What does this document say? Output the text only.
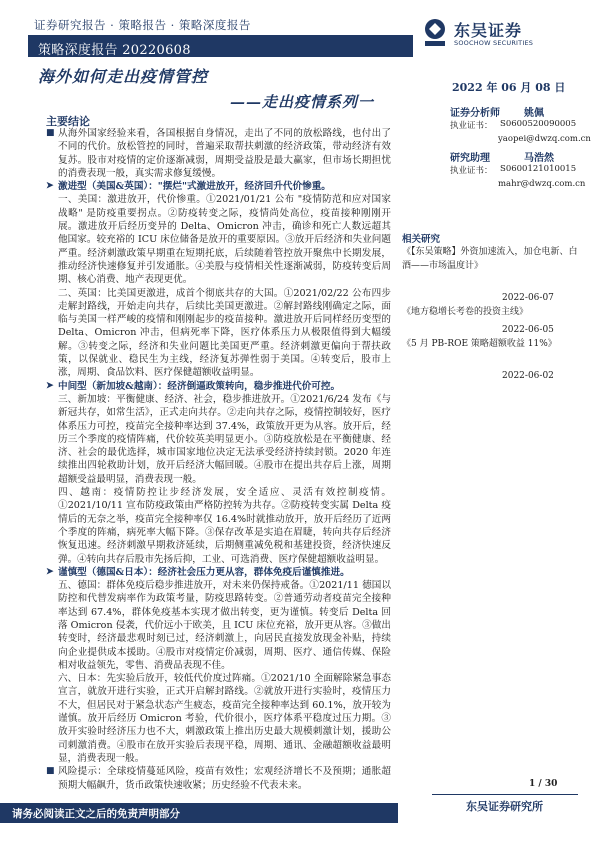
证券研究报告 · 策略报告 · 策略深度报告
策略深度报告 20220608
东吴证券
SOOCHOW SECURITIES
海外如何走出疫情管控
——走出疫情系列一
2022 年 06 月 08 日
主要结论

■ 从海外国家经验来看，各国根据自身情况，走出了不同的放松路线，也付出了不同的代价。放松管控的同时，普遍采取帮扶刺激的经济政策，带动经济有效复苏。股市对疫情的定价逐渐减弱，周期受益股是最大赢家，但市场长期担忧的消费表现一般，真实需求修复缓慢。

➤ 激进型（美国&英国）："摆烂"式激进放开，经济回升代价惨重。

一、美国：激进放开，代价惨重。①2021/01/21 公布 "疫情防范和应对国家战略" 是防疫重要拐点。②防疫转变之际，疫情尚处高位，疫苗接种刚刚开展。激进放开后经历变异的 Delta、Omicron 冲击，确诊和死亡人数远超其他国家。较充裕的 ICU 床位储备是放开的重要原因。③放开后经济和失业问题严重。经济刺激政策早期重在短期托底，后续随着管控放开聚焦中长期发展，推动经济快速修复并引发通胀。④美股与疫情相关性逐渐减弱，防疫转变后周期、核心消费、地产表现更优。

二、英国：比美国更激进，成首个彻底共存的大国。①2021/02/22 公布四步走解封路线，开始走向共存，后续比美国更激进。②解封路线刚确定之际，面临与美国一样严峻的疫情和刚刚起步的疫苗接种。激进放开后同样经历变型的 Delta、Omicron 冲击，但病死率下降，医疗体系压力从极限值得到大幅缓解。③转变之际，经济和失业问题比美国更严重。经济刺激更偏向于帮扶政策，以保就业、稳民生为主线，经济复苏弹性弱于美国。④转变后，股市上涨，周期、食品饮料、医疗保健超额收益明显。

➤ 中间型（新加坡&越南）：经济倒逼政策转向，稳步推进代价可控。

三、新加坡：平衡健康、经济、社会，稳步推进放开。①2021/6/24 发布《与新冠共存，如常生活》，正式走向共存。②走向共存之际，疫情控制较好，医疗体系压力可控，疫苗完全接种率达到 37.4%，政策放开更为从容。放开后，经历三个季度的疫情阵痛，代价较英美明显更小。③防疫放松是在平衡健康、经济、社会的最优选择，城市国家地位决定无法承受经济持续封锁。2020 年连续推出四轮救助计划，放开后经济大幅回暖。④股市在提出共存后上涨，周期超额受益最明显，消费表现一般。

四、越南：疫情防控让步经济发展，安全适应、灵活有效控制疫情。①2021/10/11 宣布防疫政策由严格防控转为共存。②防疫转变实属 Delta 疫情后的无奈之举，疫苗完全接种率仅 16.4%时就推动放开，放开后经历了近两个季度的阵痛，病死率大幅下降。③保存改革是实追在眉睫，转向共存后经济恢复迅速。经济刺激早期救济延续，后期侧重减免税和基建投资，经济快速反弹。④转向共存后股市先扬后抑，工业、可选消费、医疗保健超额收益明显。

➤ 谨慎型（德国&日本）：经济社会压力更从容，群体免疫后谨慎推进。

五、德国：群体免疫后稳步推进放开，对未来仍保持戒备。①2021/11 德国以防控和代替发病率作为政策考量，防疫思路转变。②普通劳动者疫苗完全接种率达到 67.4%，群体免疫基本实现才做出转变，更为谨慎。转变后 Delta 回落 Omicron 侵袭，代价远小于欧美，且 ICU 床位充裕，放开更从容。③做出转变时，经济最悲观时刻已过，经济刺激上，向居民直接发放现金补贴，持续向企业提供成本援助。④股市对疫情定价减弱，周期、医疗、通信传媒、保险相对收益领先，零售、消费品表现不佳。

六、日本：先实验后放开，较低代价度过阵痛。①2021/10 全面解除紧急事态宣言，就放开进行实验，正式开启解封路线。②就放开进行实验时，疫情压力不大，但居民对于紧急状态产生疲态，疫苗完全接种率达到 60.1%，放开较为谨慎。放开后经历 Omicron 考验，代价很小，医疗体系平稳度过压力期。③放开实验时经济压力也不大，刺激政策上推出历史最大规模刺激计划，援助公司刺激消费。④股市在放开实验后表现平稳，周期、通讯、金融超额收益最明显，消费表现一般。

■ 风险提示：全球疫情蔓延风险，疫苗有效性；宏观经济增长不及预期；通胀超预期大幅飙升，货币政策快速收紧；历史经验不代表未来。

证券分析师 姚佩
执业证书： S0600520090005
yaopei@dwzq.com.cn
研究助理	马浩然
执业证书： S0600121010015
mahr@dwzq.com.cn
相关研究
《【东吴策略】外资加速流入，加仓电新、白酒——市场温度计》
2022-06-07
《地方稳增长考卷的投资主线》
2022-06-05
《5 月 PB-ROE 策略超额收益 11%》
2022-06-02
1 / 30
东吴证券研究所
请务必阅读正文之后的免责声明部分
